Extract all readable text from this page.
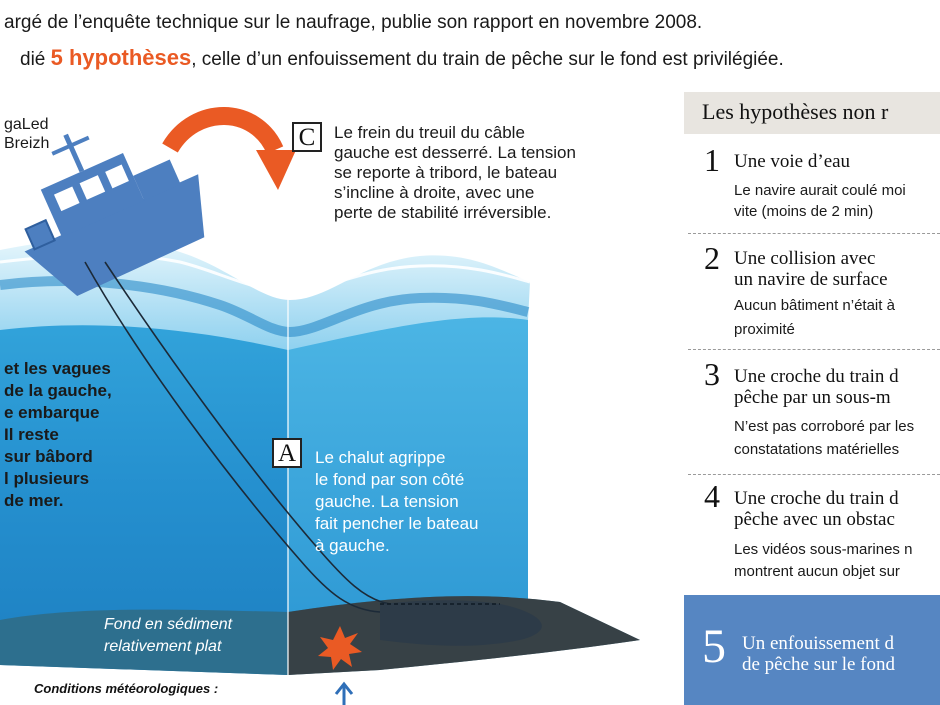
argé de l’enquête technique sur le naufrage, publie son rapport en novembre 2008.
dié 5 hypothèses, celle d’un enfouissement du train de pêche sur le fond est privilégiée.
gaLed
Breizh	C	Le frein du treuil du câble
gauche est desserré. La tension
se reporte à tribord, le bateau
s’incline à droite, avec une
perte de stabilité irréversible.
et les vagues
de la gauche,
e embarque
Il reste
sur bâbord
l plusieurs
de mer.
A	Le chalut agrippe
le fond par son côté
gauche. La tension
fait pencher le bateau
à gauche.
Fond en sédiment
relativement plat
Conditions météorologiques :
Les hypothèses non r
1 Une voie d’eau
Le navire aurait coulé moi
vite (moins de 2 min)
2 Une collision avec
un navire de surface
Aucun bâtiment n’était à
proximité
3 Une croche du train d
pêche par un sous-m
N’est pas corroboré par les
constatations matérielles
4 Une croche du train d
pêche avec un obstac
Les vidéos sous-marines n
montrent aucun objet sur
5 Un enfouissement d
de pêche sur le fond
